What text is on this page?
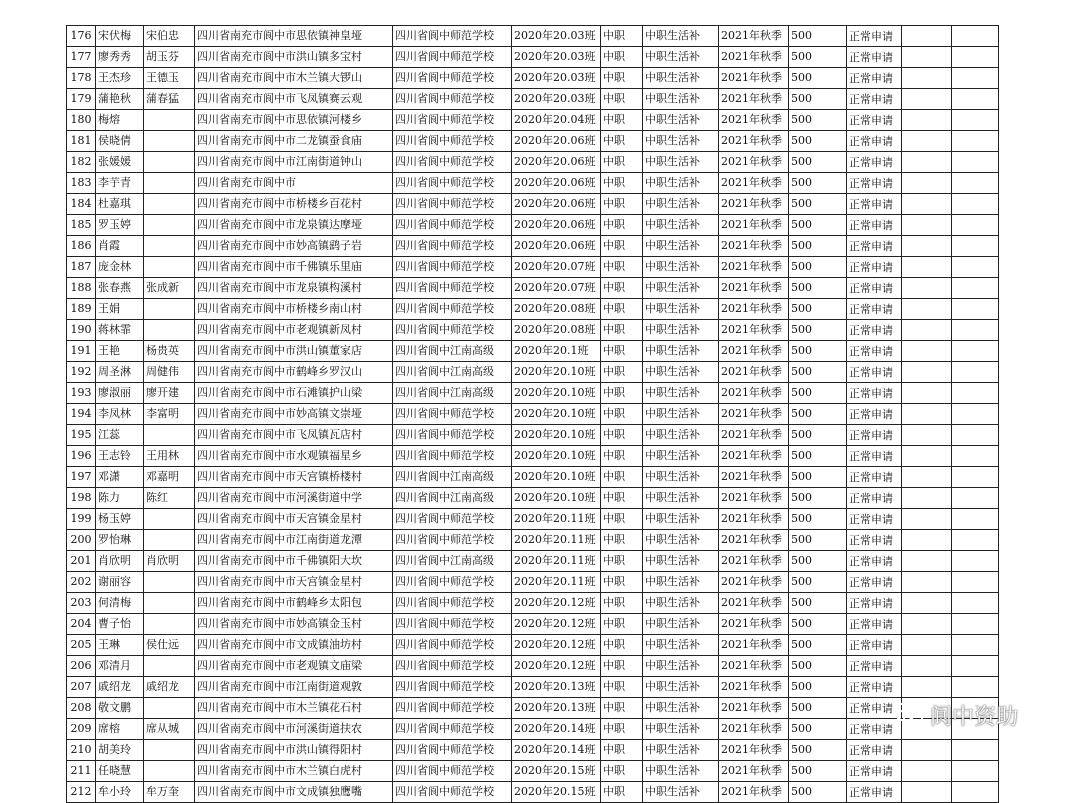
176	宋伏梅	宋伯忠	四川省南充市阆中市思依镇神皇垭	四川省阆中师范学校	2020年20.03班	中职	中职生活补	2021年秋季	500	正常申请		
177	廖秀秀	胡玉芬	四川省南充市阆中市洪山镇多宝村	四川省阆中师范学校	2020年20.03班	中职	中职生活补	2021年秋季	500	正常申请		
178	王杰珍	王德玉	四川省南充市阆中市木兰镇大锣山	四川省阆中师范学校	2020年20.03班	中职	中职生活补	2021年秋季	500	正常申请		
179	蒲艳秋	蒲春猛	四川省南充市阆中市飞凤镇赛云观	四川省阆中师范学校	2020年20.03班	中职	中职生活补	2021年秋季	500	正常申请		
180	梅熔		四川省南充市阆中市思依镇河楼乡	四川省阆中师范学校	2020年20.04班	中职	中职生活补	2021年秋季	500	正常申请		
181	侯晓倩		四川省南充市阆中市二龙镇蚕食庙	四川省阆中师范学校	2020年20.06班	中职	中职生活补	2021年秋季	500	正常申请		
182	张媛媛		四川省南充市阆中市江南街道钟山	四川省阆中师范学校	2020年20.06班	中职	中职生活补	2021年秋季	500	正常申请		
183	李芋青		四川省南充市阆中市	四川省阆中师范学校	2020年20.06班	中职	中职生活补	2021年秋季	500	正常申请		
184	杜嘉琪		四川省南充市阆中市桥楼乡百花村	四川省阆中师范学校	2020年20.06班	中职	中职生活补	2021年秋季	500	正常申请		
185	罗玉婷		四川省南充市阆中市龙泉镇达摩垭	四川省阆中师范学校	2020年20.06班	中职	中职生活补	2021年秋季	500	正常申请		
186	肖霞		四川省南充市阆中市妙高镇鹞子岩	四川省阆中师范学校	2020年20.06班	中职	中职生活补	2021年秋季	500	正常申请		
187	庞金林		四川省南充市阆中市千佛镇乐里庙	四川省阆中师范学校	2020年20.07班	中职	中职生活补	2021年秋季	500	正常申请		
188	张春燕	张成新	四川省南充市阆中市龙泉镇构溪村	四川省阆中师范学校	2020年20.07班	中职	中职生活补	2021年秋季	500	正常申请		
189	王娟		四川省南充市阆中市桥楼乡南山村	四川省阆中师范学校	2020年20.08班	中职	中职生活补	2021年秋季	500	正常申请		
190	蒋林霏		四川省南充市阆中市老观镇新凤村	四川省阆中师范学校	2020年20.08班	中职	中职生活补	2021年秋季	500	正常申请		
191	王艳	杨贵英	四川省南充市阆中市洪山镇董家店	四川省阆中江南高级	2020年20.1班	中职	中职生活补	2021年秋季	500	正常申请		
192	周圣淋	周健伟	四川省南充市阆中市鹤峰乡罗汉山	四川省阆中江南高级	2020年20.10班	中职	中职生活补	2021年秋季	500	正常申请		
193	廖淑丽	廖开建	四川省南充市阆中市石滩镇护山梁	四川省阆中江南高级	2020年20.10班	中职	中职生活补	2021年秋季	500	正常申请		
194	李凤林	李富明	四川省南充市阆中市妙高镇文崇垭	四川省阆中师范学校	2020年20.10班	中职	中职生活补	2021年秋季	500	正常申请		
195	江蕊		四川省南充市阆中市飞凤镇瓦店村	四川省阆中师范学校	2020年20.10班	中职	中职生活补	2021年秋季	500	正常申请		
196	王志铃	王用林	四川省南充市阆中市水观镇福星乡	四川省阆中师范学校	2020年20.10班	中职	中职生活补	2021年秋季	500	正常申请		
197	邓潇	邓嘉明	四川省南充市阆中市天宫镇桥楼村	四川省阆中江南高级	2020年20.10班	中职	中职生活补	2021年秋季	500	正常申请		
198	陈力	陈红	四川省南充市阆中市河溪街道中学	四川省阆中江南高级	2020年20.10班	中职	中职生活补	2021年秋季	500	正常申请		
199	杨玉婷		四川省南充市阆中市天宫镇金星村	四川省阆中师范学校	2020年20.11班	中职	中职生活补	2021年秋季	500	正常申请		
200	罗怡琳		四川省南充市阆中市江南街道龙潭	四川省阆中师范学校	2020年20.11班	中职	中职生活补	2021年秋季	500	正常申请		
201	肖欣明	肖欣明	四川省南充市阆中市千佛镇阳大坎	四川省阆中江南高级	2020年20.11班	中职	中职生活补	2021年秋季	500	正常申请		
202	谢丽容		四川省南充市阆中市天宫镇金星村	四川省阆中师范学校	2020年20.11班	中职	中职生活补	2021年秋季	500	正常申请		
203	何清梅		四川省南充市阆中市鹤峰乡太阳包	四川省阆中师范学校	2020年20.12班	中职	中职生活补	2021年秋季	500	正常申请		
204	曹子怡		四川省南充市阆中市妙高镇金玉村	四川省阆中师范学校	2020年20.12班	中职	中职生活补	2021年秋季	500	正常申请		
205	王琳	侯仕远	四川省南充市阆中市文成镇油坊村	四川省阆中师范学校	2020年20.12班	中职	中职生活补	2021年秋季	500	正常申请		
206	邓清月		四川省南充市阆中市老观镇文庙梁	四川省阆中师范学校	2020年20.12班	中职	中职生活补	2021年秋季	500	正常申请		
207	戚绍龙	戚绍龙	四川省南充市阆中市江南街道观敦	四川省阆中师范学校	2020年20.13班	中职	中职生活补	2021年秋季	500	正常申请		
208	敬文鹏		四川省南充市阆中市木兰镇花石村	四川省阆中师范学校	2020年20.13班	中职	中职生活补	2021年秋季	500	正常申请		
209	席榕	席从城	四川省南充市阆中市河溪街道扶农	四川省阆中师范学校	2020年20.14班	中职	中职生活补	2021年秋季	500	正常申请		
210	胡美玲		四川省南充市阆中市洪山镇得阳村	四川省阆中师范学校	2020年20.14班	中职	中职生活补	2021年秋季	500	正常申请		
211	任晓慧		四川省南充市阆中市木兰镇白虎村	四川省阆中师范学校	2020年20.15班	中职	中职生活补	2021年秋季	500	正常申请		
212	牟小玲	牟万奎	四川省南充市阆中市文成镇独鹰嘴	四川省阆中师范学校	2020年20.15班	中职	中职生活补	2021年秋季	500	正常申请		
阆中资助
